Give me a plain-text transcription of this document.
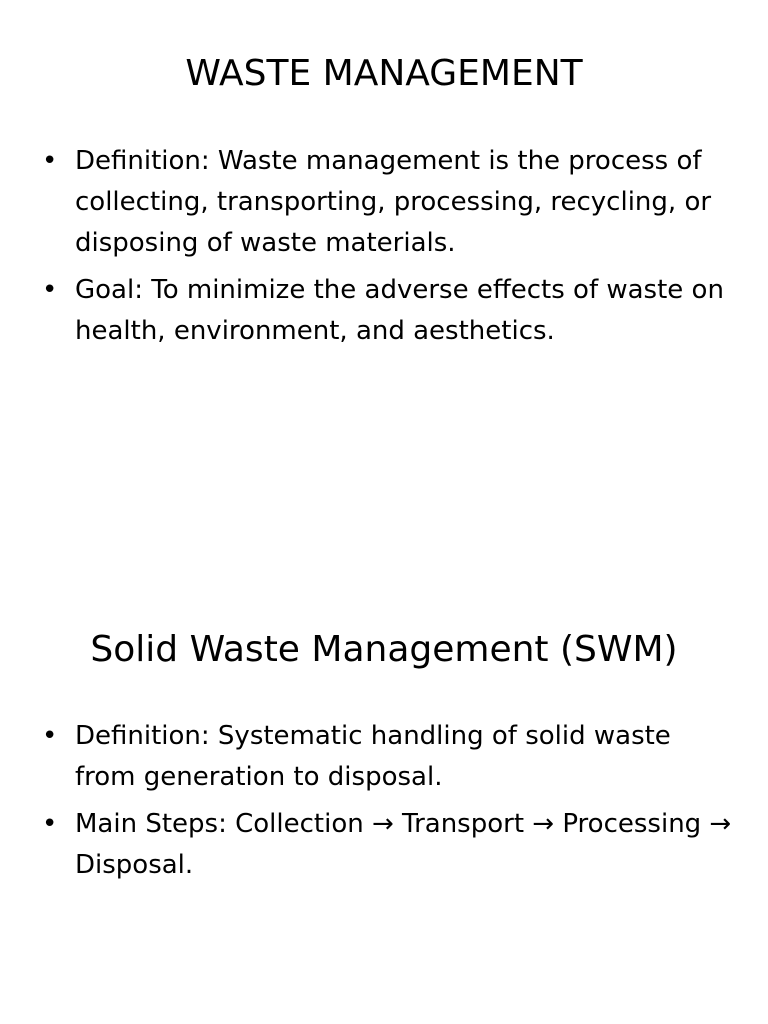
WASTE MANAGEMENT
• Definition: Waste management is the process of collecting, transporting, processing, recycling, or disposing of waste materials.
• Goal: To minimize the adverse effects of waste on health, environment, and aesthetics.
Solid Waste Management (SWM)
• Definition: Systematic handling of solid waste from generation to disposal.
• Main Steps: Collection → Transport → Processing → Disposal.
